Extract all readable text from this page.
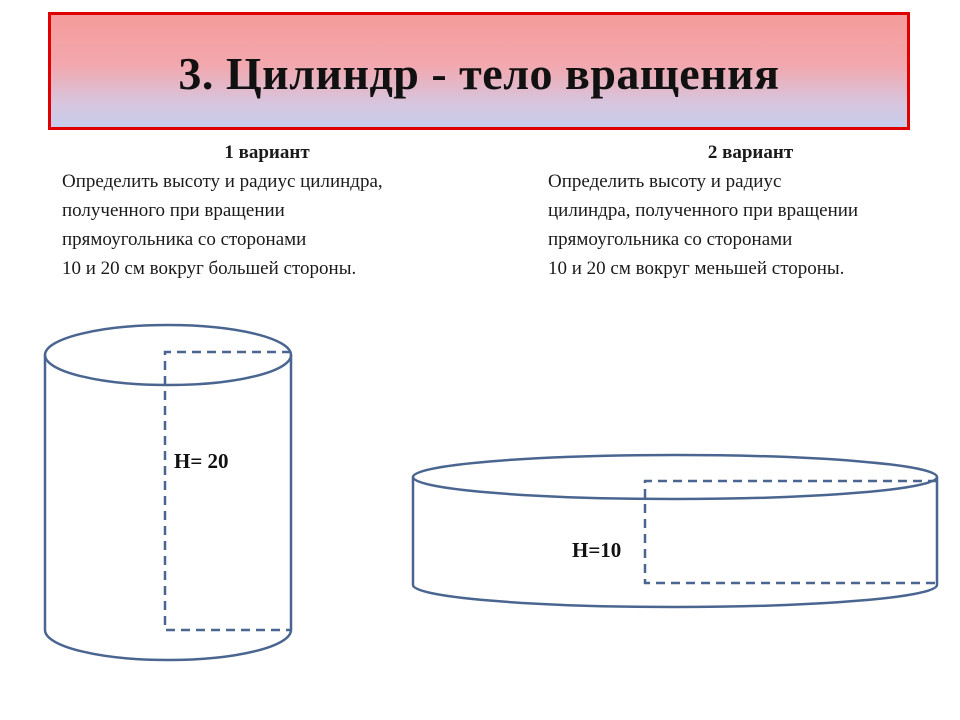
3. Цилиндр - тело вращения
1 вариант
Определить высоту и радиус цилиндра,
полученного при вращении
прямоугольника со сторонами
10 и 20 см вокруг большей стороны.
2 вариант
Определить высоту и радиус
цилиндра, полученного при вращении
прямоугольника со сторонами
10 и 20 см вокруг меньшей стороны.
H= 20
H=10
